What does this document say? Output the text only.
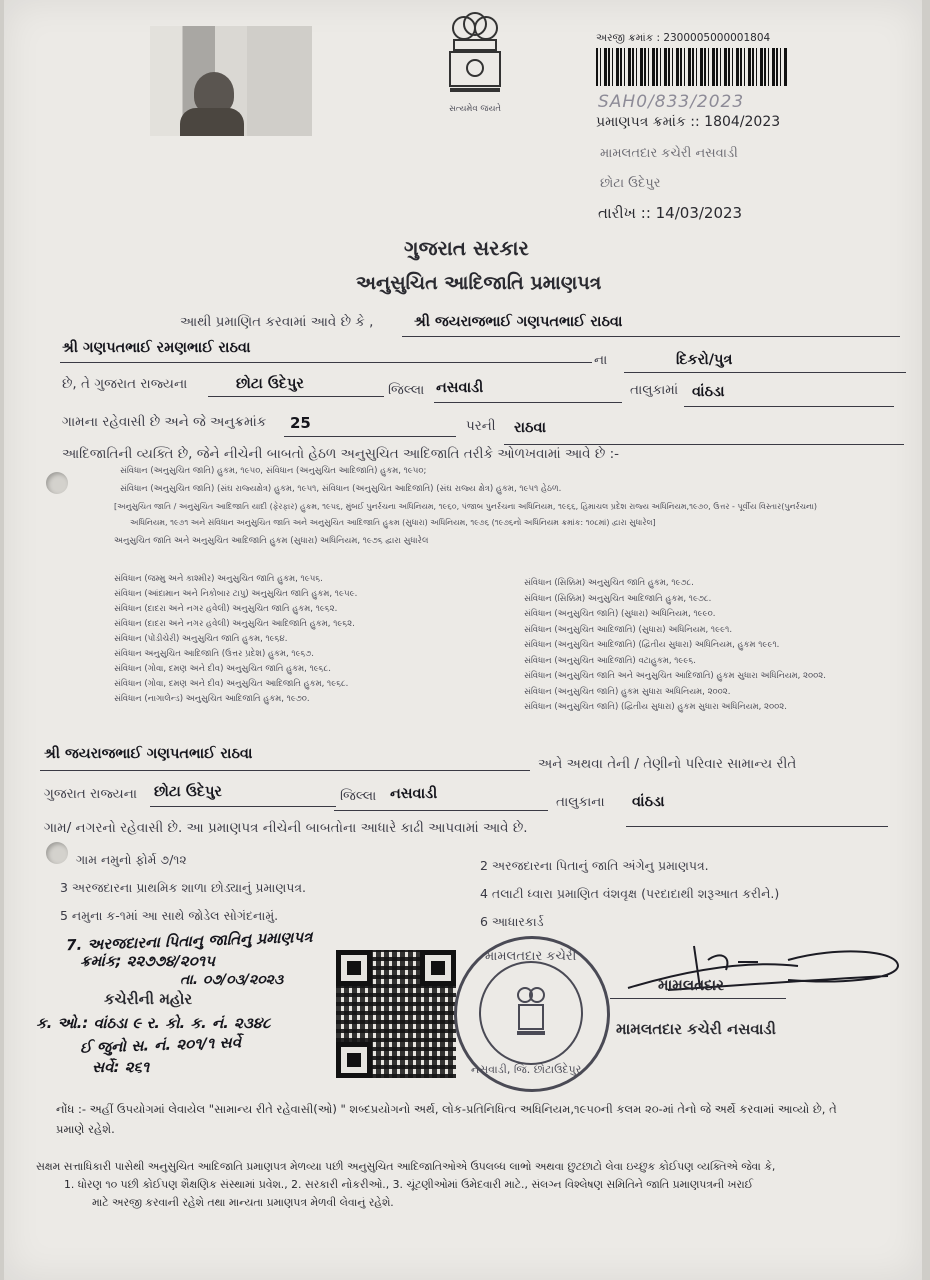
સત્યમેવ જયતે
અરજી ક્રમાંક : 2300005000001804
SAH0/833/2023
પ્રમાણપત્ર ક્રમાંક :: 1804/2023
મામલતદાર કચેરી નસવાડી
છોટા ઉદેપુર
તારીખ :: 14/03/2023
ગુજરાત સરકાર
અનુસુચિત આદિજાતિ પ્રમાણપત્ર
આથી પ્રમાણિત કરવામાં આવે છે કે ,	શ્રી જયરાજભાઈ ગણપતભાઈ રાઠવા
શ્રી ગણપતભાઈ રમણભાઈ રાઠવા
ના	દિકરો/પુત્ર
છે, તે ગુજરાત રાજ્યના	છોટા ઉદેપુર	જિલ્લા નસવાડી	તાલુકામાં વાંઠડા
ગામના રહેવાસી છે અને જે અનુક્રમાંક 25	પરની રાઠવા
આદિજાતિની વ્યક્તિ છે, જેને નીચેની બાબતો હેઠળ અનુસુચિત આદિજાતિ તરીકે ઓળખવામાં આવે છે :-
સંવિધાન (અનુસુચિત જાતિ) હુકમ, ૧૯૫૦, સંવિધાન (અનુસુચિત આદિજાતિ) હુકમ, ૧૯૫૦;
સંવિધાન (અનુસુચિત જાતિ) (સંઘ રાજ્યક્ષેત્ર) હુકમ, ૧૯૫૧, સંવિધાન (અનુસુચિત આદિજાતિ) (સંઘ રાજ્ય ક્ષેત્ર) હુકમ, ૧૯૫૧ હેઠળ.
[અનુસુચિત જાતિ / અનુસુચિત આદિજાતિ યાદી (ફેરફાર) હુકમ, ૧૯૫૬, મુંબઈ પુનર્રચના અધિનિયમ, ૧૯૬૦, પંજાબ પુનર્રચના અધિનિયમ, ૧૯૬૬, હિમાચલ પ્રદેશ રાજ્ય અધિનિયમ,૧૯૭૦, ઉત્તર - પૂર્વીય વિસ્તાર(પુનર્રચના)
અધિનિયમ, ૧૯૭૧ અને સંવિધાન અનુસુચિત જાતિ અને અનુસુચિત આદિજાતિ હુકમ (સુધારા) અધિનિયમ, ૧૯૭૬ (૧૯૭૬નો અધિનિયમ ક્રમાંક: ૧૦૮માં) દ્વારા સુધારેલ]
અનુસુચિત જાતિ અને અનુસુચિત આદિજાતિ હુકમ (સુધારા) અધિનિયમ, ૧૯૭૬ દ્વારા સુધારેલ
સંવિધાન (જમ્મુ અને કાશ્મીર) અનુસુચિત જાતિ હુકમ, ૧૯૫૬.
સંવિધાન (આંદામાન અને નિકોબાર ટાપુ) અનુસુચિત જાતિ હુકમ, ૧૯૫૯.
સંવિધાન (દાદરા અને નગર હવેલી) અનુસુચિત જાતિ હુકમ, ૧૯૬૨.
સંવિધાન (દાદરા અને નગર હવેલી) અનુસુચિત આદિજાતિ હુકમ, ૧૯૬૨.
સંવિધાન (પોંડીચેરી) અનુસુચિત જાતિ હુકમ, ૧૯૬૪.
સંવિધાન અનુસુચિત આદિજાતિ (ઉત્તર પ્રદેશ) હુકમ, ૧૯૬૭.
સંવિધાન (ગોવા, દમણ અને દીવ) અનુસુચિત જાતિ હુકમ, ૧૯૬૮.
સંવિધાન (ગોવા, દમણ અને દીવ) અનુસુચિત આદિજાતિ હુકમ, ૧૯૬૮.
સંવિધાન (નાગાલેન્ડ) અનુસુચિત આદિજાતિ હુકમ, ૧૯૭૦.
સંવિધાન (સિક્કિમ) અનુસુચિત જાતિ હુકમ, ૧૯૭૮.
સંવિધાન (સિક્કિમ) અનુસુચિત આદિજાતિ હુકમ, ૧૯૭૮.
સંવિધાન (અનુસુચિત જાતિ) (સુધારા) અધિનિયમ, ૧૯૯૦.
સંવિધાન (અનુસુચિત આદિજાતિ) (સુધારા) અધિનિયમ, ૧૯૯૧.
સંવિધાન (અનુસુચિત આદિજાતિ) (દ્વિતીય સુધારા) અધિનિયમ, હુકમ ૧૯૯૧.
સંવિધાન (અનુસુચિત આદિજાતિ) વટાહુકમ, ૧૯૯૬.
સંવિધાન (અનુસુચિત જાતિ અને અનુસુચિત આદિજાતિ) હુકમ સુધારા અધિનિયમ, ૨૦૦૨.
સંવિધાન (અનુસુચિત જાતિ) હુકમ સુધારા અધિનિયમ, ૨૦૦૨.
સંવિધાન (અનુસુચિત જાતિ) (દ્વિતીય સુધારા) હુકમ સુધારા અધિનિયમ, ૨૦૦૨.
શ્રી જયરાજભાઈ ગણપતભાઈ રાઠવા
અને અથવા તેની / તેણીનો પરિવાર સામાન્ય રીતે
ગુજરાત રાજ્યના છોટા ઉદેપુર	જિલ્લા નસવાડી	તાલુકાના વાંઠડા
ગામ/ નગરનો રહેવાસી છે. આ પ્રમાણપત્ર નીચેની બાબતોના આધારે કાઢી આપવામાં આવે છે.
ગામ નમુનો ફોર્મ ૭/૧૨	2 અરજદારના પિતાનું જાતિ અંગેનુ પ્રમાણપત્ર.
3 અરજદારના પ્રાથમિક શાળા છોડ્યાનું પ્રમાણપત્ર.	4 તલાટી ધ્વારા પ્રમાણિત વંશવૃક્ષ (પરદાદાથી શરૂઆત કરીને.)
5 નમુના ક-૧માં આ સાથે જોડેલ સોગંદનામું.	6 આધારકાર્ડ
7. અરજદારના પિતાનુ જાતિનુ પ્રમાણપત્ર
ક્રમાંક; ૨૨૭૭૪/૨૦૧૫
તા. ૦૭/૦૩/૨૦૨૩
કચેરીની મહોર
ક. ઓ.: વાંઠડા ૯ ર. કો. ક. નં. ૨૩૪૮
ઈ જુનો સ. નં. ૨૦૧/૧ સર્વે
સર્વે: ૨૬૧
મામલતદાર કચેરી
નસવાડી, જિ. છોટાઉદેપુર
મામલતદાર
મામલતદાર કચેરી નસવાડી
નોંધ :- અહીં ઉપયોગમાં લેવાયેલ "સામાન્ય રીતે રહેવાસી(ઓ) " શબ્દપ્રયોગનો અર્થ, લોક-પ્રતિનિધિત્વ અધિનિયમ,૧૯૫૦ની કલમ ૨૦-માં તેનો જે અર્થે કરવામાં આવ્યો છે, તે
પ્રમાણે રહેશે.
સક્ષમ સત્તાધિકારી પાસેથી અનુસુચિત આદિજાતિ પ્રમાણપત્ર મેળવ્યા પછી અનુસુચિત આદિજાતિઓએ ઉપલબ્ધ લાભો અથવા છુટછાટો લેવા ઇચ્છુક કોઈપણ વ્યક્તિએ જેવા કે,
1. ધોરણ ૧૦ પછી કોઈપણ શૈક્ષણિક સંસ્થામાં પ્રવેશ., 2. સરકારી નોકરીઓ., 3. ચૂંટણીઓમાં ઉમેદવારી માટે., સંલગ્ન વિશ્લેષણ સમિતિને જાતિ પ્રમાણપત્રની ખરાઈ
માટે અરજી કરવાની રહેશે તથા માન્યતા પ્રમાણપત્ર મેળવી લેવાનું રહેશે.
